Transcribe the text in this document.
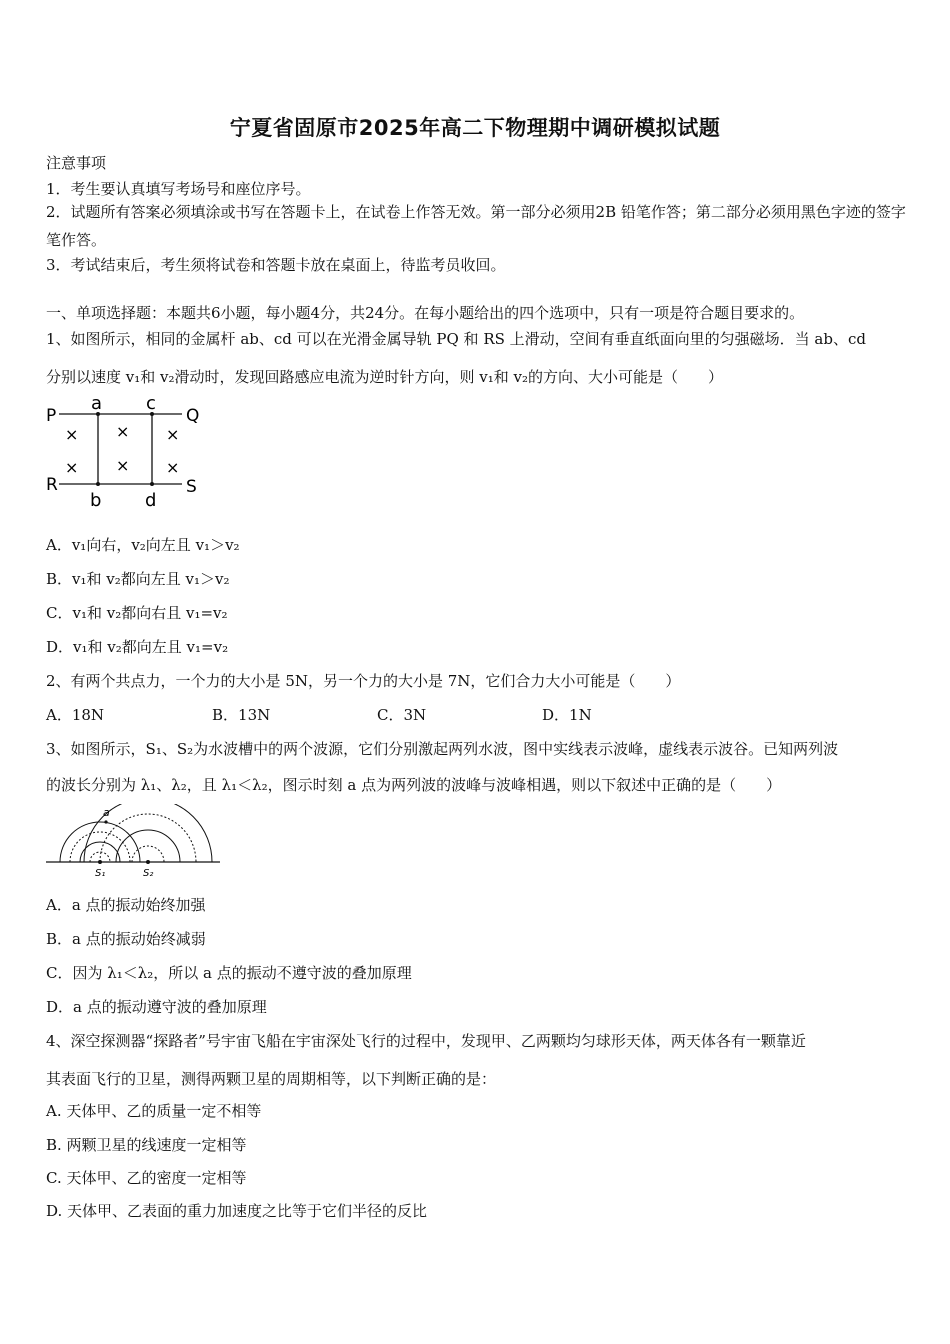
宁夏省固原市2025年高二下物理期中调研模拟试题
注意事项
1．考生要认真填写考场号和座位序号。
2．试题所有答案必须填涂或书写在答题卡上，在试卷上作答无效。第一部分必须用2B 铅笔作答；第二部分必须用黑色字迹的签字笔作答。
3．考试结束后，考生须将试卷和答题卡放在桌面上，待监考员收回。
一、单项选择题：本题共6小题，每小题4分，共24分。在每小题给出的四个选项中，只有一项是符合题目要求的。
1、如图所示，相同的金属杆 ab、cd 可以在光滑金属导轨 PQ 和 RS 上滑动，空间有垂直纸面向里的匀强磁场．当 ab、cd
分别以速度 v₁和 v₂滑动时，发现回路感应电流为逆时针方向，则 v₁和 v₂的方向、大小可能是（　　）
P	Q
R	S
a c
b d
× × ×
× × ×
A．v₁向右，v₂向左且 v₁＞v₂
B．v₁和 v₂都向左且 v₁＞v₂
C．v₁和 v₂都向右且 v₁=v₂
D．v₁和 v₂都向左且 v₁=v₂
2、有两个共点力，一个力的大小是 5N，另一个力的大小是 7N，它们合力大小可能是（　　）
A．18N	B．13N	C．3N	D．1N
3、如图所示，S₁、S₂为水波槽中的两个波源，它们分别激起两列水波，图中实线表示波峰，虚线表示波谷。已知两列波
的波长分别为 λ₁、λ₂，且 λ₁＜λ₂，图示时刻 a 点为两列波的波峰与波峰相遇，则以下叙述中正确的是（　　）
a
S₁	S₂
A．a 点的振动始终加强
B．a 点的振动始终减弱
C．因为 λ₁＜λ₂，所以 a 点的振动不遵守波的叠加原理
D．a 点的振动遵守波的叠加原理
4、深空探测器“探路者”号宇宙飞船在宇宙深处飞行的过程中，发现甲、乙两颗均匀球形天体，两天体各有一颗靠近
其表面飞行的卫星，测得两颗卫星的周期相等，以下判断正确的是：
A. 天体甲、乙的质量一定不相等
B. 两颗卫星的线速度一定相等
C. 天体甲、乙的密度一定相等
D. 天体甲、乙表面的重力加速度之比等于它们半径的反比
